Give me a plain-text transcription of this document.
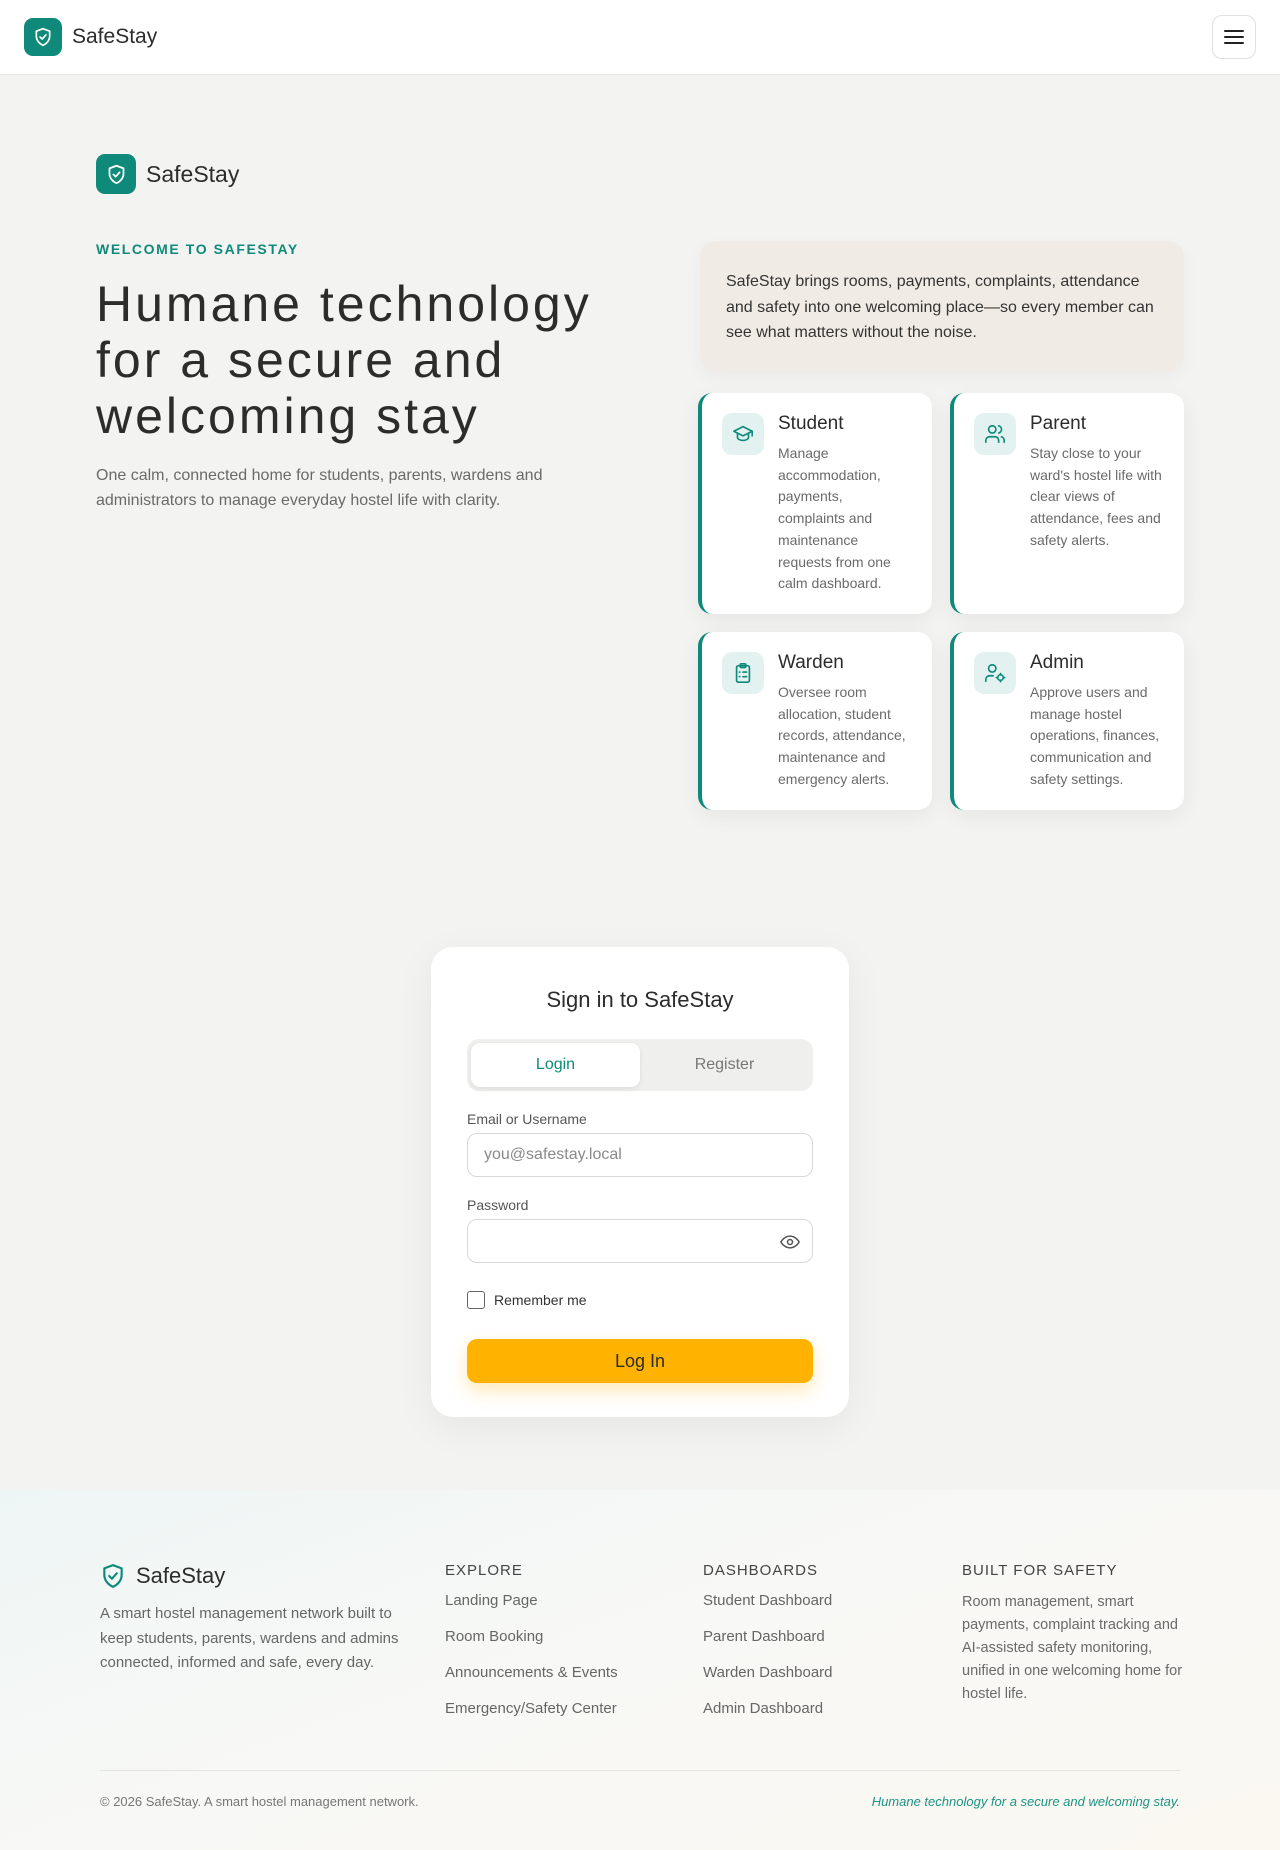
SafeStay
SafeStay
WELCOME TO SAFESTAY
Humane technology for a secure and welcoming stay

One calm, connected home for students, parents, wardens and administrators to manage everyday hostel life with clarity.

SafeStay brings rooms, payments, complaints, attendance and safety into one welcoming place—so every member can see what matters without the noise.
Student
Manage accommodation, payments, complaints and maintenance requests from one calm dashboard.
Parent
Stay close to your ward's hostel life with clear views of attendance, fees and safety alerts.
Warden
Oversee room allocation, student records, attendance, maintenance and emergency alerts.
Admin
Approve users and manage hostel operations, finances, communication and safety settings.
Sign in to SafeStay
Login	Register
Email or Username
you@safestay.local
Password
Remember me
Log In
SafeStay

A smart hostel management network built to keep students, parents, wardens and admins connected, informed and safe, every day.

EXPLORE
Landing Page
Room Booking
Announcements & Events
Emergency/Safety Center
DASHBOARDS
Student Dashboard
Parent Dashboard
Warden Dashboard
Admin Dashboard
BUILT FOR SAFETY

Room management, smart payments, complaint tracking and AI-assisted safety monitoring, unified in one welcoming home for hostel life.

© 2026 SafeStay. A smart hostel management network.	Humane technology for a secure and welcoming stay.
